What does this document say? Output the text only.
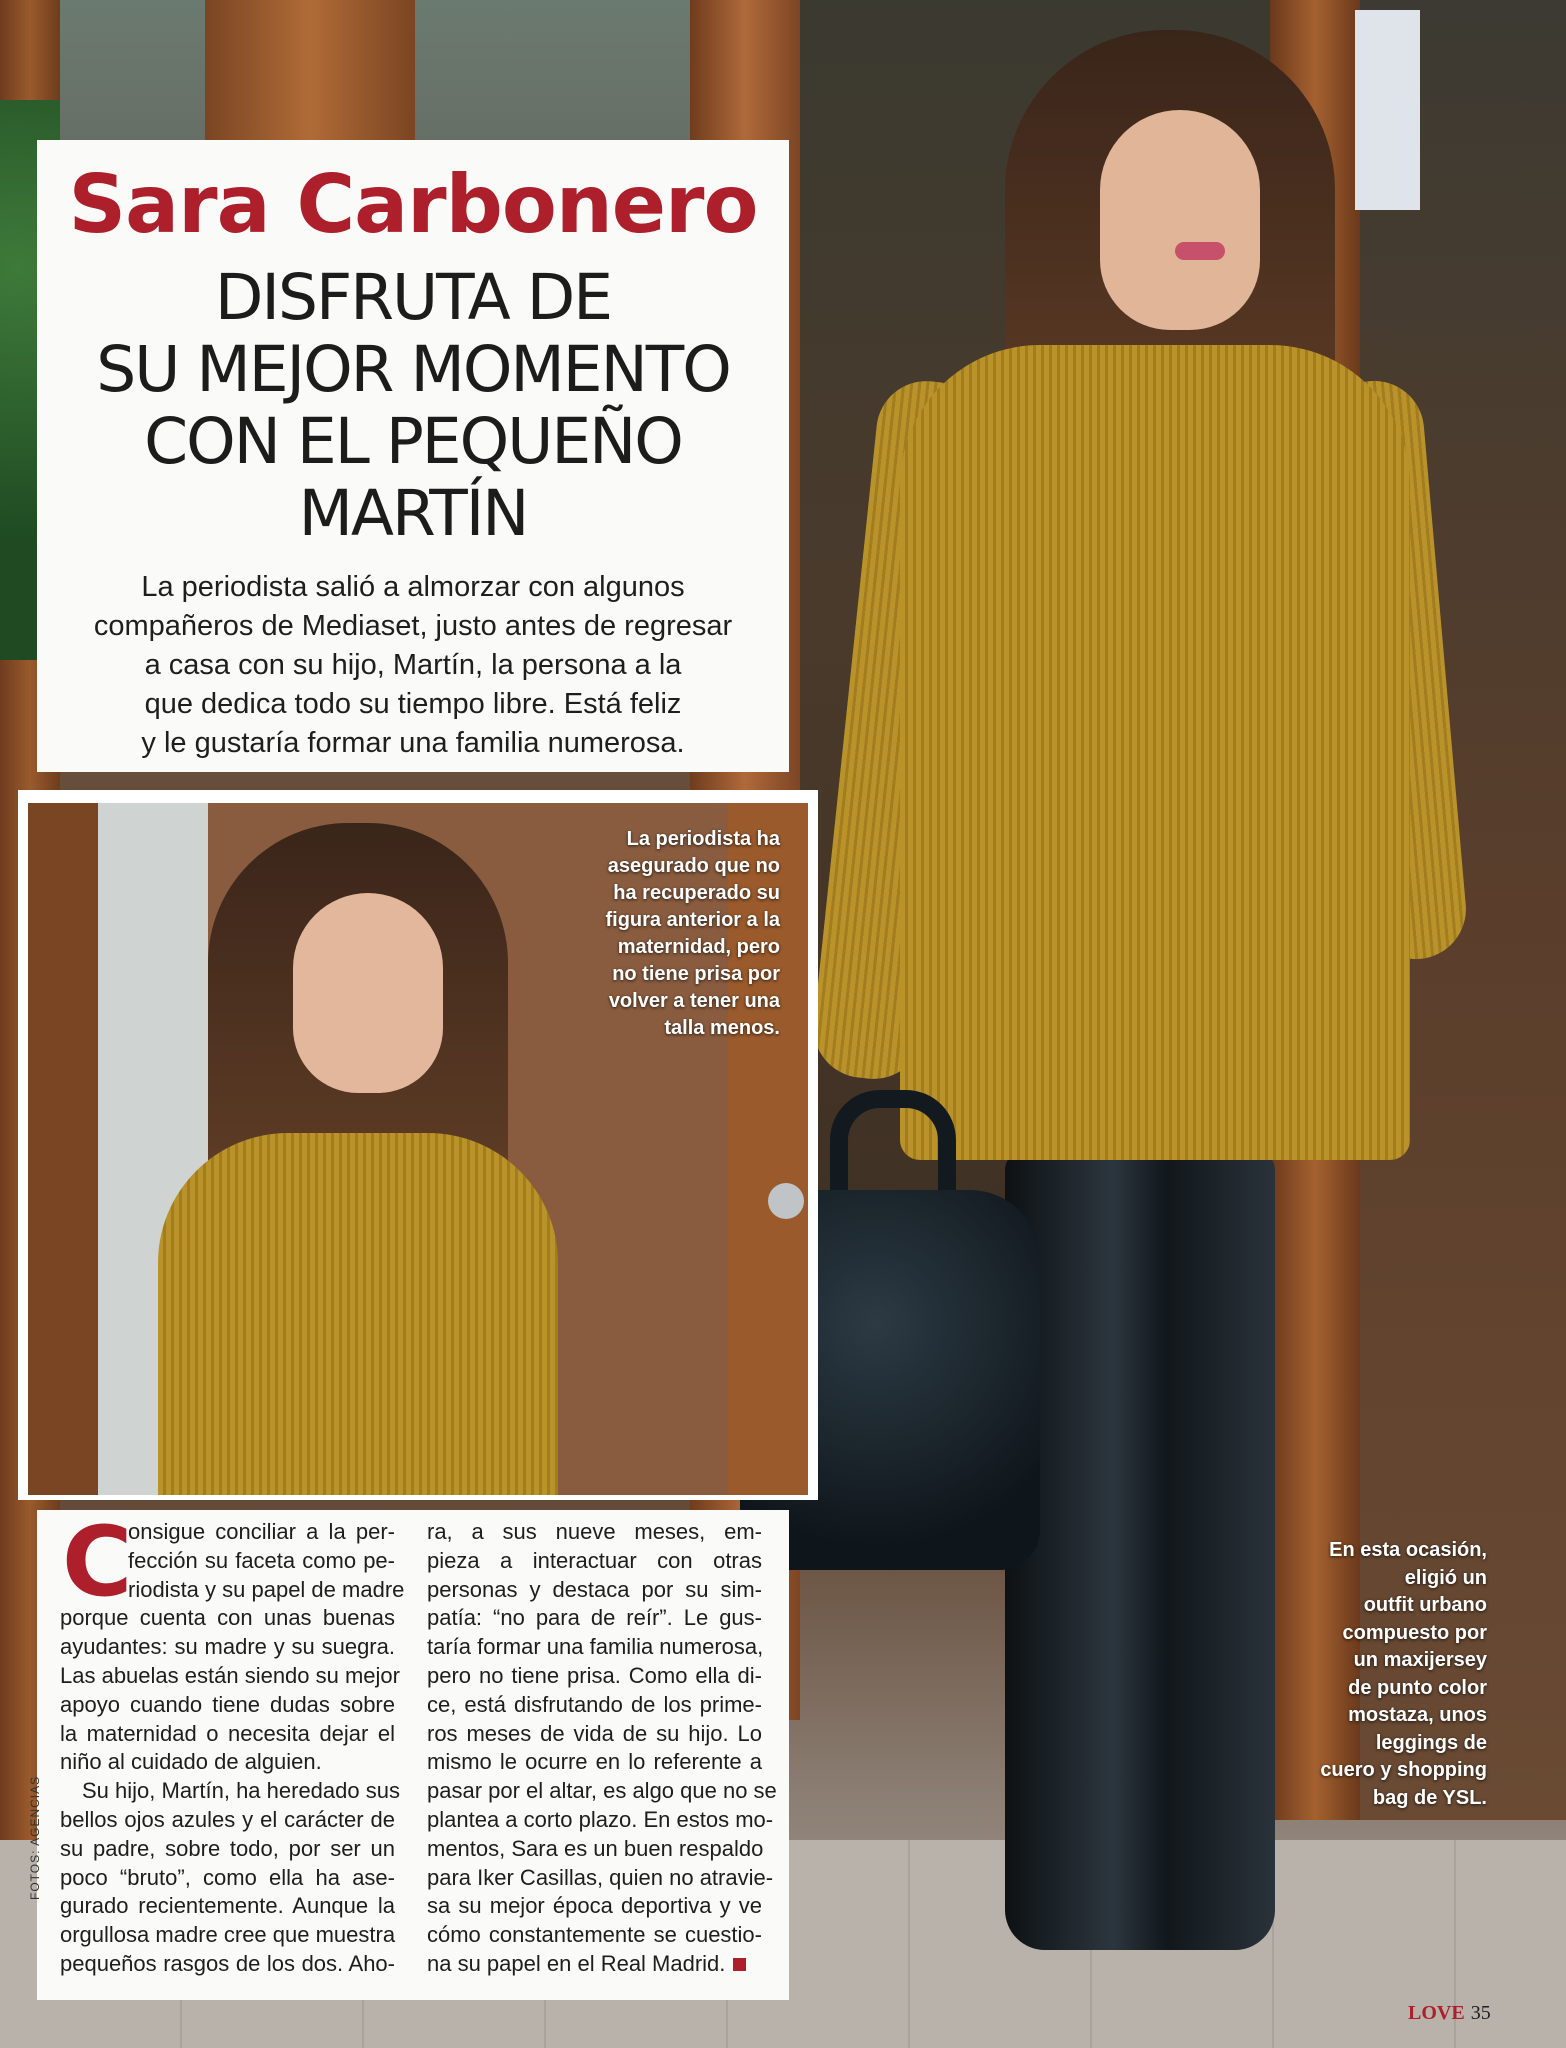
Sara Carbonero
DISFRUTA DE
SU MEJOR MOMENTO
CON EL PEQUEÑO
MARTÍN

La periodista salió a almorzar con algunos
compañeros de Mediaset, justo antes de regresar
a casa con su hijo, Martín, la persona a la
que dedica todo su tiempo libre. Está feliz
y le gustaría formar una familia numerosa.

La periodista ha
asegurado que no
ha recuperado su
figura anterior a la
maternidad, pero
no tiene prisa por
volver a tener una
talla menos.

C

onsigue conciliar a la per-
fección su faceta como pe-
riodista y su papel de madre
porque cuenta con unas buenas
ayudantes: su madre y su suegra.
Las abuelas están siendo su mejor
apoyo cuando tiene dudas sobre
la maternidad o necesita dejar el
niño al cuidado de alguien.
Su hijo, Martín, ha heredado sus
bellos ojos azules y el carácter de
su padre, sobre todo, por ser un
poco “bruto”, como ella ha ase-
gurado recientemente. Aunque la
orgullosa madre cree que muestra
pequeños rasgos de los dos. Aho-

ra, a sus nueve meses, em-
pieza a interactuar con otras
personas y destaca por su sim-
patía: “no para de reír”. Le gus-
taría formar una familia numerosa,
pero no tiene prisa. Como ella di-
ce, está disfrutando de los prime-
ros meses de vida de su hijo. Lo
mismo le ocurre en lo referente a
pasar por el altar, es algo que no se
plantea a corto plazo. En estos mo-
mentos, Sara es un buen respaldo
para Iker Casillas, quien no atravie-
sa su mejor época deportiva y ve
cómo constantemente se cuestio-
na su papel en el Real Madrid.

FOTOS: AGENCIAS

En esta ocasión,
eligió un
outfit urbano
compuesto por
un maxijersey
de punto color
mostaza, unos
leggings de
cuero y shopping
bag de YSL.

LOVE 35
